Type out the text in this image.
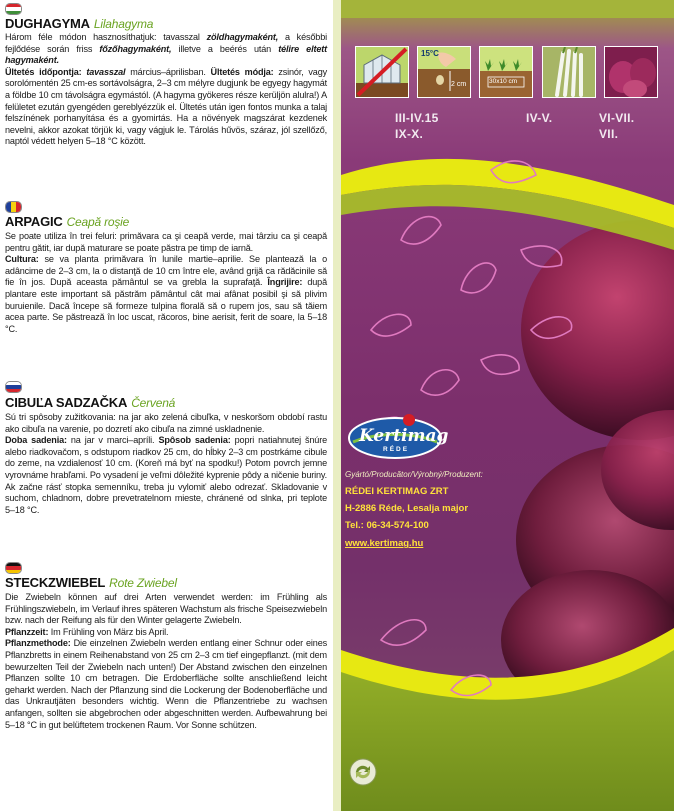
DUGHAGYMA Lilahagyma

Három féle módon hasznosíthatjuk: tavasszal zöldhagymaként, a későbbi fejlődése során friss főzőhagymaként, illetve a beérés után télire eltett hagymaként.

Ültetés időpontja: tavasszal március–áprilisban. Ültetés módja: zsinór, vagy sorolómentén 25 cm-es sortávolságra, 2–3 cm mélyre dugjunk be egyegy hagymát a földbe 10 cm távolságra egymástól. (A hagyma gyökeres része kerüljön alulra!) A felületet ezután gyengéden gereblyézzük el. Ültetés után igen fontos munka a talaj felszínének porhanyítása és a gyomirtás. Ha a növények magszárat kezdenek nevelni, akkor azokat törjük ki, vagy vágjuk le. Tárolás hűvös, száraz, jól szellőző, naptól védett helyen 5–18 °C között.

ARPAGIC Ceapă roşie

Se poate utiliza în trei feluri: primăvara ca şi ceapă verde, mai târziu ca şi ceapă pentru gătit, iar după maturare se poate păstra pe timp de iarnă.

Cultura: se va planta primăvara în lunile martie–aprilie. Se plantează la o adâncime de 2–3 cm, la o distanţă de 10 cm între ele, având grijă ca rădăcinile să fie în jos. După aceasta pământul se va grebla la suprafaţă. Îngrijire: după plantare este important să păstrăm pământul cât mai afânat posibil şi să plivim buruienile. Dacă începe să formeze tulpina florală să o rupem jos, sau să tăiem acea parte. Se păstrează în loc uscat, răcoros, bine aerisit, ferit de soare, la 5–18 °C.

CIBUĽA SADZAČKA Červená

Sú tri spôsoby zužitkovania: na jar ako zelená cibuľka, v neskoršom období rastu ako cibuľa na varenie, po dozretí ako cibuľa na zimné uskladnenie.

Doba sadenia: na jar v marci–apríli. Spôsob sadenia: popri natiahnutej šnúre alebo riadkovačom, s odstupom riadkov 25 cm, do hĺbky 2–3 cm postrkáme cibule do zeme, na vzdialenosť 10 cm. (Koreň má byť na spodku!) Potom povrch jemne vyrovnáme hrabľami. Po vysadení je veľmi dôležité kyprenie pôdy a ničenie buriny. Ak začne rásť stopka semenníku, treba ju vylomiť alebo odrezať. Skladovanie v suchom, chladnom, dobre prevetratelnom mieste, chránené od slnka, pri teplote 5–18 °C.

STECKZWIEBEL Rote Zwiebel

Die Zwiebeln können auf drei Arten verwendet werden: im Frühling als Frühlingszwiebeln, im Verlauf ihres späteren Wachstum als frische Speisezwiebeln bzw. nach der Reifung als für den Winter gelagerte Zwiebeln.

Pflanzzeit: Im Frühling von März bis April.

Pflanzmethode: Die einzelnen Zwiebeln werden entlang einer Schnur oder eines Pflanzbretts in einem Reihenabstand von 25 cm 2–3 cm tief eingepflanzt. (mit dem bewurzelten Teil der Zwiebeln nach unten!) Der Abstand zwischen den einzelnen Pflanzen sollte 10 cm betragen. Die Erdoberfläche sollte anschließend leicht geharkt werden. Nach der Pflanzung sind die Lockerung der Bodenoberfläche und das Unkrautjäten besonders wichtig. Wenn die Pflanzentriebe zu wachsen anfangen, sollten sie abgebrochen oder abgeschnitten werden. Aufbewahrung bei 5–18 °C in gut belüftetem trockenen Raum. Vor Sonne schützen.

15°C
2 cm	30x10 cm
III-IV.15
IX-X.
IV-V.	VI-VII.
VII.
Kertimag
RÉDE
Gyártó/Producător/Výrobný/Produzent:
RÉDEI KERTIMAG ZRT
H-2886 Réde, Lesalja major
Tel.: 06-34-574-100
www.kertimag.hu
